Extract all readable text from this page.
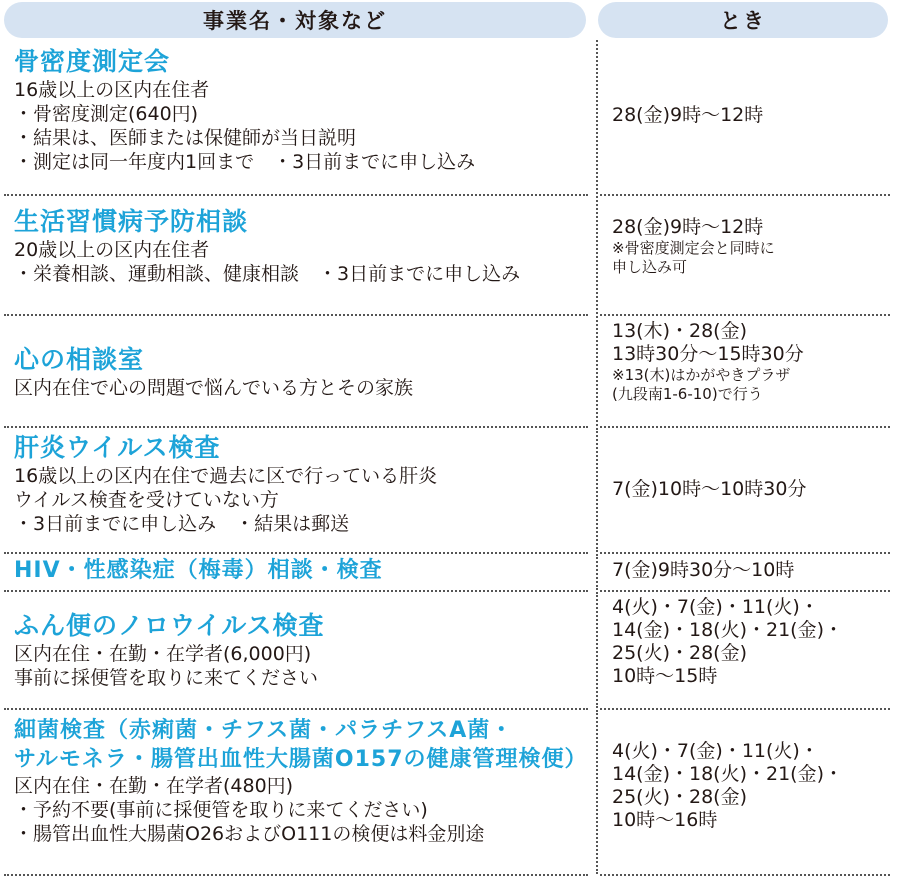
事業名・対象など	とき
骨密度測定会
16歳以上の区内在住者
・骨密度測定(640円)
・結果は、医師または保健師が当日説明
・測定は同一年度内1回まで　・3日前までに申し込み
28(金)9時～12時
生活習慣病予防相談
20歳以上の区内在住者
・栄養相談、運動相談、健康相談　・3日前までに申し込み
28(金)9時～12時
※骨密度測定会と同時に
申し込み可
心の相談室
区内在住で心の問題で悩んでいる方とその家族
13(木)・28(金)
13時30分～15時30分
※13(木)はかがやきプラザ
(九段南1-6-10)で行う
肝炎ウイルス検査
16歳以上の区内在住で過去に区で行っている肝炎
ウイルス検査を受けていない方
・3日前までに申し込み　・結果は郵送
7(金)10時～10時30分
HIV・性感染症（梅毒）相談・検査	7(金)9時30分～10時
ふん便のノロウイルス検査
区内在住・在勤・在学者(6,000円)
事前に採便管を取りに来てください
4(火)・7(金)・11(火)・
14(金)・18(火)・21(金)・
25(火)・28(金)
10時～15時
細菌検査（赤痢菌・チフス菌・パラチフスA菌・
サルモネラ・腸管出血性大腸菌O157の健康管理検便）
区内在住・在勤・在学者(480円)
・予約不要(事前に採便管を取りに来てください)
・腸管出血性大腸菌O26およびO111の検便は料金別途
4(火)・7(金)・11(火)・
14(金)・18(火)・21(金)・
25(火)・28(金)
10時～16時
